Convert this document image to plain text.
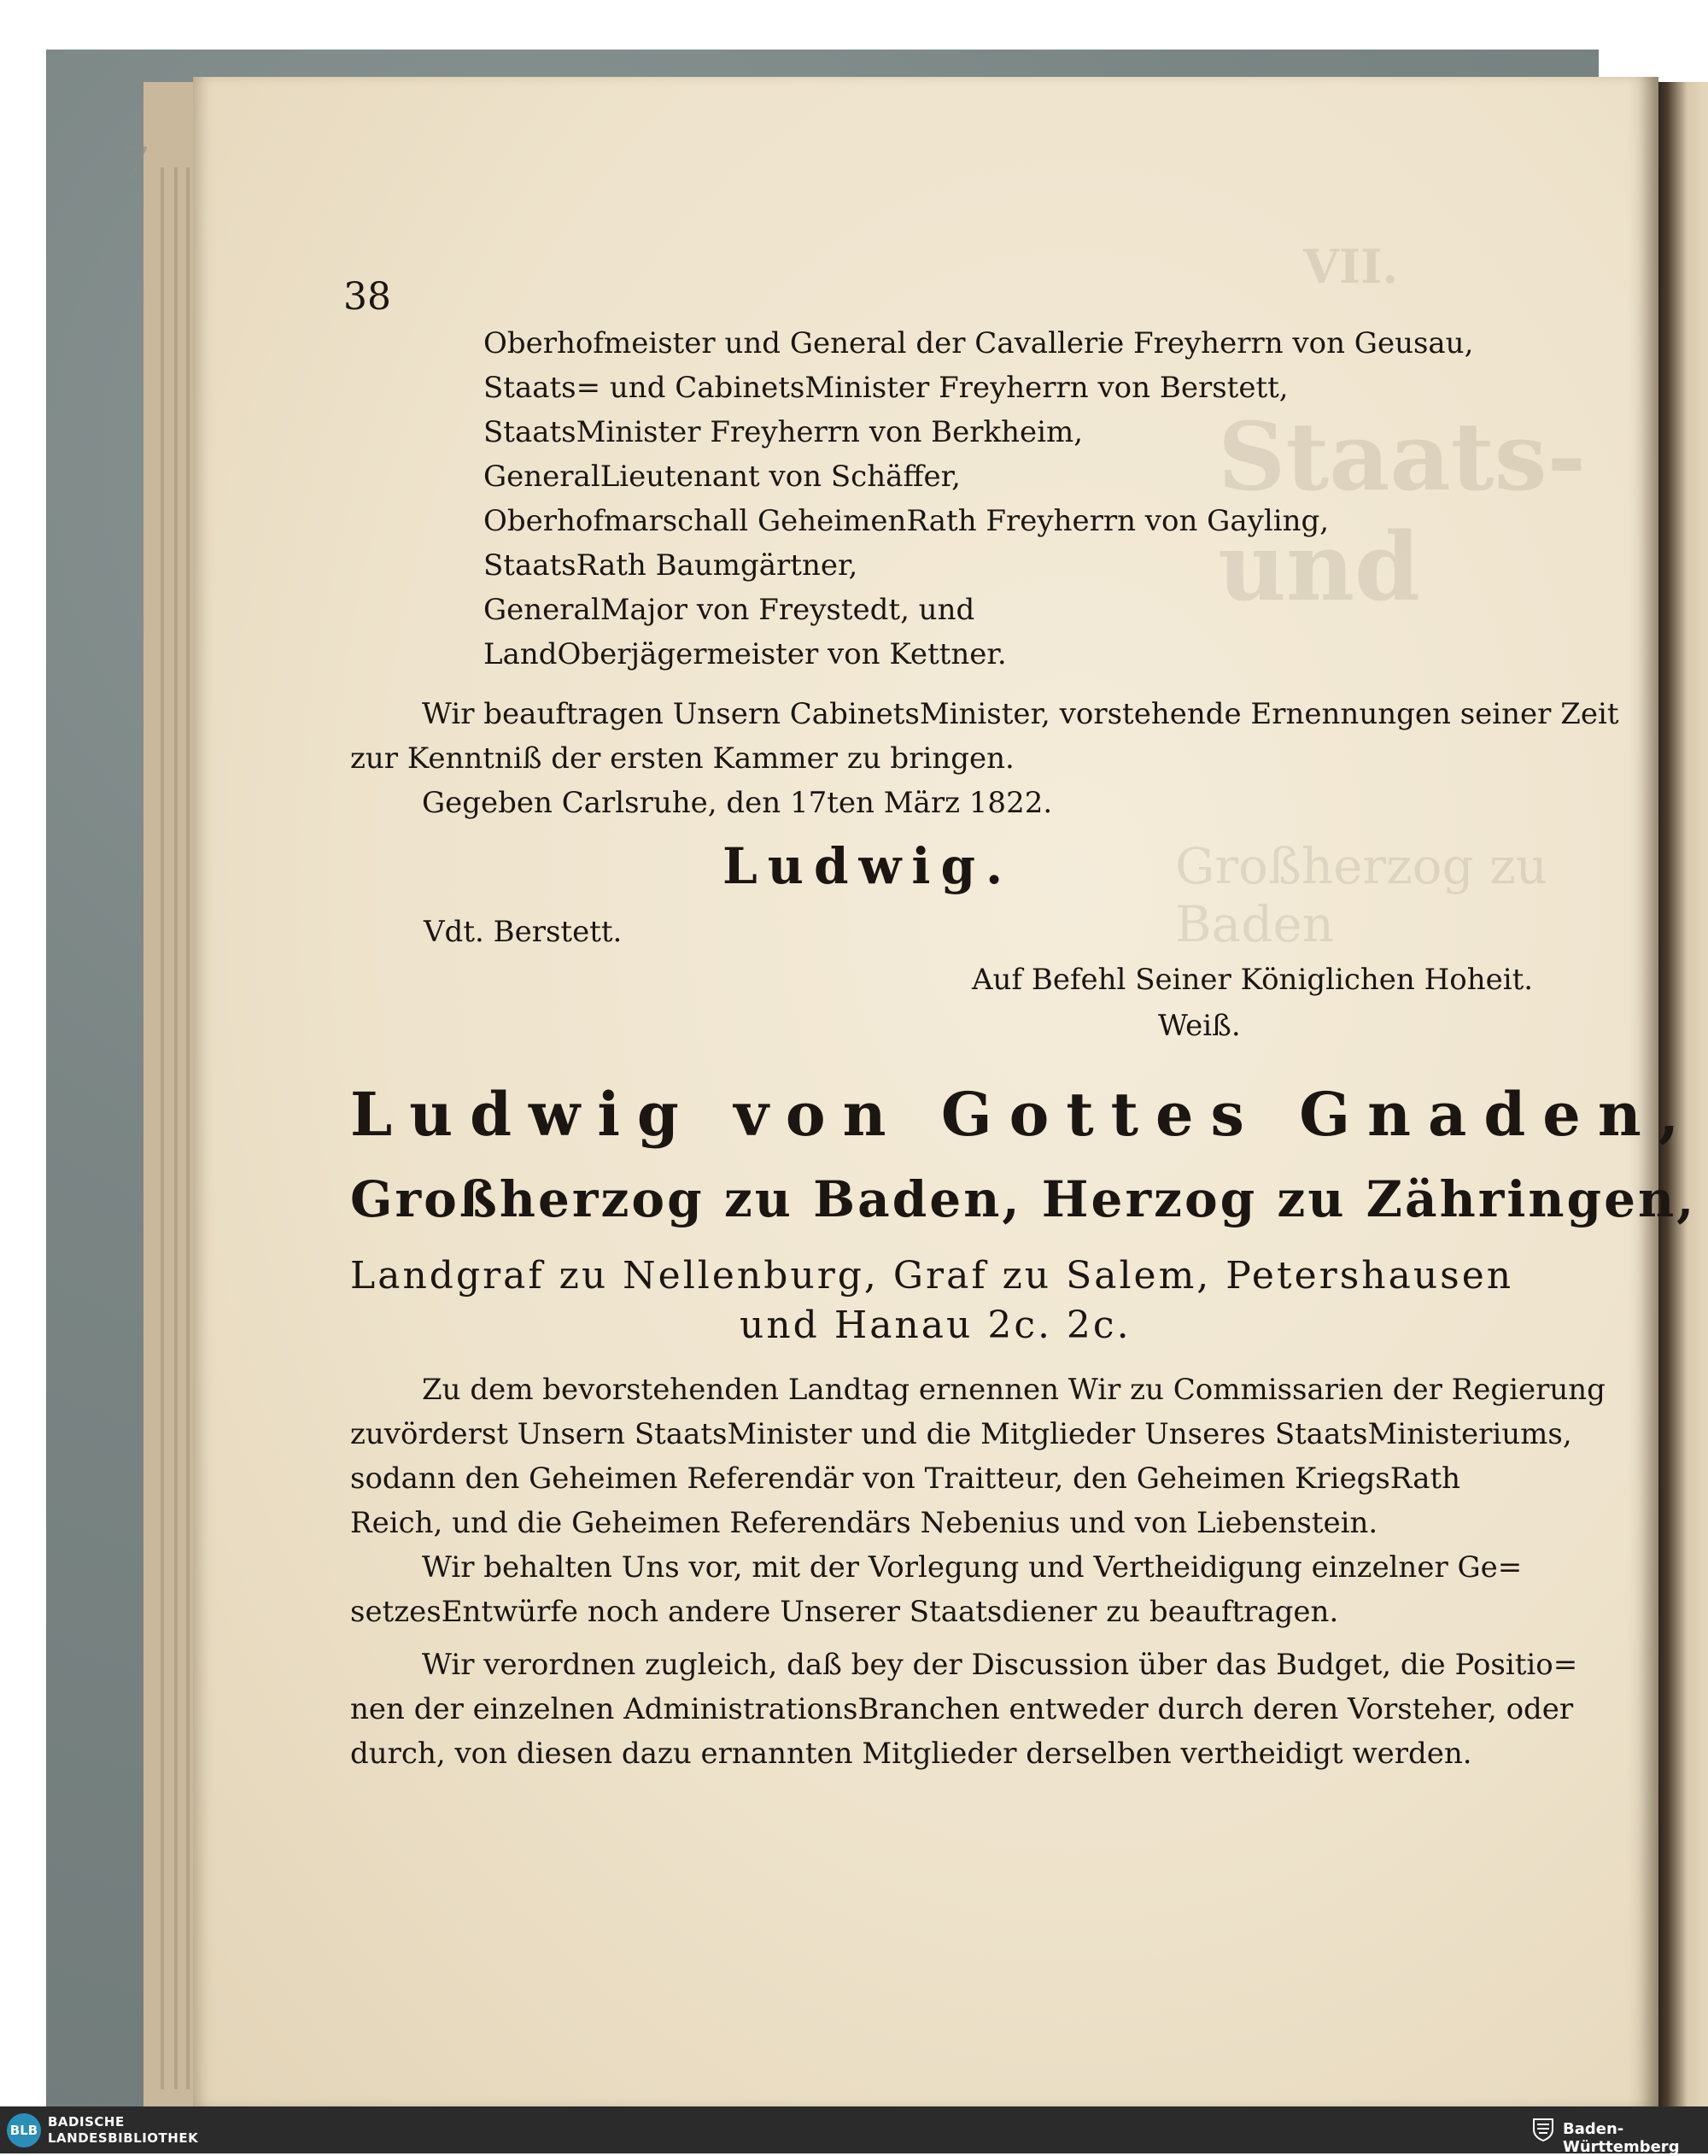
7
VII.
Staats- und
Großherzog zu Baden
38
Oberhofmeister und General der Cavallerie Freyherrn von Geusau,
Staats= und CabinetsMinister Freyherrn von Berstett,
StaatsMinister Freyherrn von Berkheim,
GeneralLieutenant von Schäffer,
Oberhofmarschall GeheimenRath Freyherrn von Gayling,
StaatsRath Baumgärtner,
GeneralMajor von Freystedt, und
LandOberjägermeister von Kettner.
Wir beauftragen Unsern CabinetsMinister, vorstehende Ernennungen seiner Zeit
zur Kenntniß der ersten Kammer zu bringen.
Gegeben Carlsruhe, den 17ten März 1822.
Ludwig.
Vdt. Berstett.
Auf Befehl Seiner Königlichen Hoheit.
Weiß.
Ludwig von Gottes Gnaden,
Großherzog zu Baden, Herzog zu Zähringen,
Landgraf zu Nellenburg, Graf zu Salem, Petershausen
und Hanau 2c. 2c.
Zu dem bevorstehenden Landtag ernennen Wir zu Commissarien der Regierung
zuvörderst Unsern StaatsMinister und die Mitglieder Unseres StaatsMinisteriums,
sodann den Geheimen Referendär von Traitteur, den Geheimen KriegsRath
Reich, und die Geheimen Referendärs Nebenius und von Liebenstein.
Wir behalten Uns vor, mit der Vorlegung und Vertheidigung einzelner Ge=
setzesEntwürfe noch andere Unserer Staatsdiener zu beauftragen.
Wir verordnen zugleich, daß bey der Discussion über das Budget, die Positio=
nen der einzelnen AdministrationsBranchen entweder durch deren Vorsteher, oder
durch, von diesen dazu ernannten Mitglieder derselben vertheidigt werden.
BLB
BADISCHE
LANDESBIBLIOTHEK	Baden-Württemberg
